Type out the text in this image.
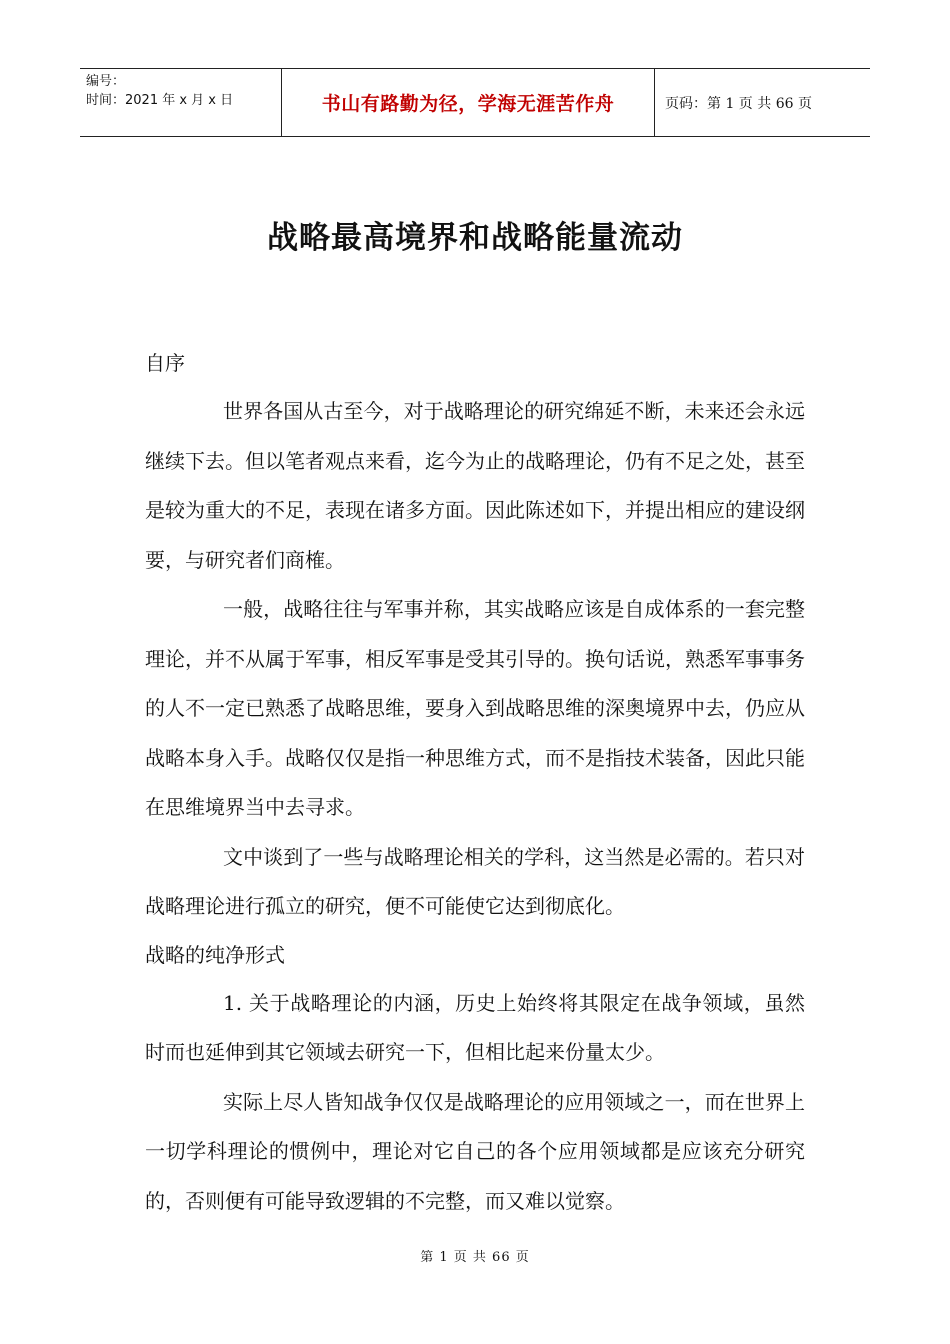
编号：
时间：2021 年 x 月 x 日	书山有路勤为径，学海无涯苦作舟	页码：第 1 页 共 66 页
战略最高境界和战略能量流动

自序

世界各国从古至今，对于战略理论的研究绵延不断，未来还会永远继续下去。但以笔者观点来看，迄今为止的战略理论，仍有不足之处，甚至是较为重大的不足，表现在诸多方面。因此陈述如下，并提出相应的建设纲要，与研究者们商榷。

一般，战略往往与军事并称，其实战略应该是自成体系的一套完整理论，并不从属于军事，相反军事是受其引导的。换句话说，熟悉军事事务的人不一定已熟悉了战略思维，要身入到战略思维的深奥境界中去，仍应从战略本身入手。战略仅仅是指一种思维方式，而不是指技术装备，因此只能在思维境界当中去寻求。

文中谈到了一些与战略理论相关的学科，这当然是必需的。若只对战略理论进行孤立的研究，便不可能使它达到彻底化。

战略的纯净形式

1. 关于战略理论的内涵，历史上始终将其限定在战争领域，虽然时而也延伸到其它领域去研究一下，但相比起来份量太少。

实际上尽人皆知战争仅仅是战略理论的应用领域之一，而在世界上一切学科理论的惯例中，理论对它自己的各个应用领域都是应该充分研究的，否则便有可能导致逻辑的不完整，而又难以觉察。

第 1 页 共 66 页
